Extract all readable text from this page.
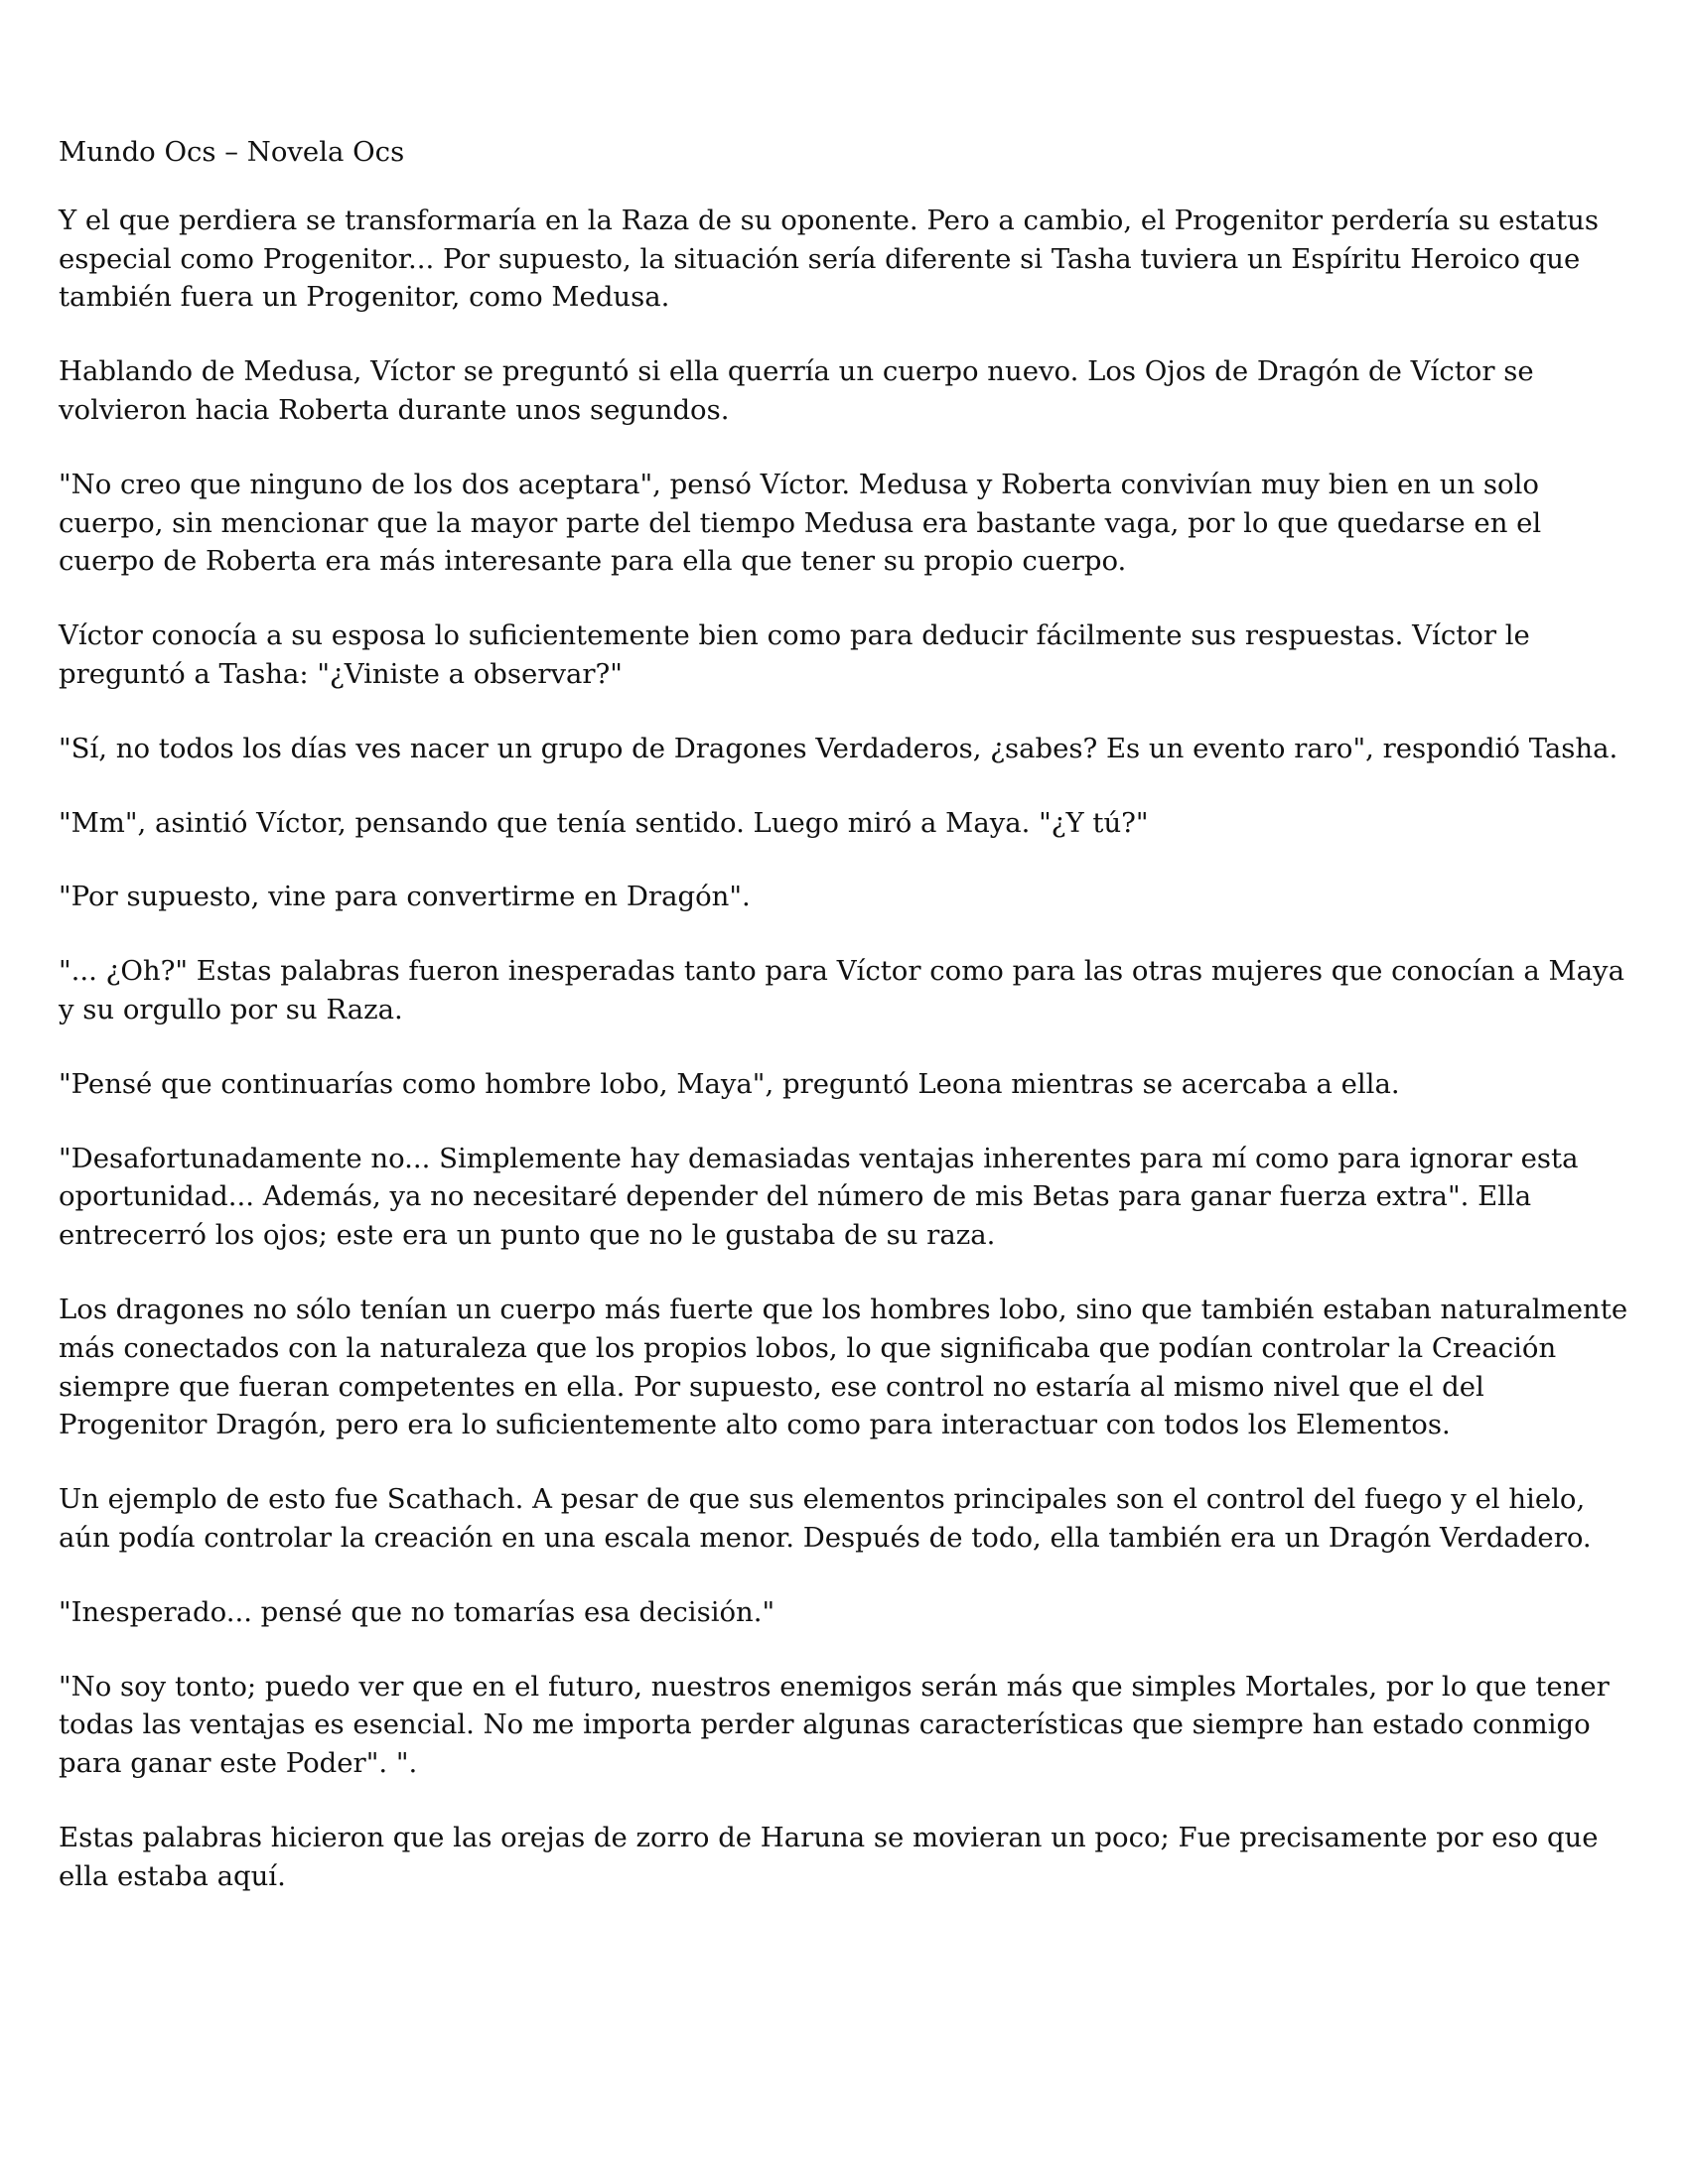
Mundo Ocs – Novela Ocs

Y el que perdiera se transformaría en la Raza de su oponente. Pero a cambio, el Progenitor perdería su estatus especial como Progenitor... Por supuesto, la situación sería diferente si Tasha tuviera un Espíritu Heroico que también fuera un Progenitor, como Medusa.

Hablando de Medusa, Víctor se preguntó si ella querría un cuerpo nuevo. Los Ojos de Dragón de Víctor se volvieron hacia Roberta durante unos segundos.

"No creo que ninguno de los dos aceptara", pensó Víctor. Medusa y Roberta convivían muy bien en un solo cuerpo, sin mencionar que la mayor parte del tiempo Medusa era bastante vaga, por lo que quedarse en el cuerpo de Roberta era más interesante para ella que tener su propio cuerpo.

Víctor conocía a su esposa lo suficientemente bien como para deducir fácilmente sus respuestas. Víctor le preguntó a Tasha: "¿Viniste a observar?"

"Sí, no todos los días ves nacer un grupo de Dragones Verdaderos, ¿sabes? Es un evento raro", respondió Tasha.

"Mm", asintió Víctor, pensando que tenía sentido. Luego miró a Maya. "¿Y tú?"

"Por supuesto, vine para convertirme en Dragón".

"... ¿Oh?" Estas palabras fueron inesperadas tanto para Víctor como para las otras mujeres que conocían a Maya y su orgullo por su Raza.

"Pensé que continuarías como hombre lobo, Maya", preguntó Leona mientras se acercaba a ella.

"Desafortunadamente no... Simplemente hay demasiadas ventajas inherentes para mí como para ignorar esta oportunidad... Además, ya no necesitaré depender del número de mis Betas para ganar fuerza extra". Ella entrecerró los ojos; este era un punto que no le gustaba de su raza.

Los dragones no sólo tenían un cuerpo más fuerte que los hombres lobo, sino que también estaban naturalmente más conectados con la naturaleza que los propios lobos, lo que significaba que podían controlar la Creación siempre que fueran competentes en ella. Por supuesto, ese control no estaría al mismo nivel que el del Progenitor Dragón, pero era lo suficientemente alto como para interactuar con todos los Elementos.

Un ejemplo de esto fue Scathach. A pesar de que sus elementos principales son el control del fuego y el hielo, aún podía controlar la creación en una escala menor. Después de todo, ella también era un Dragón Verdadero.

"Inesperado... pensé que no tomarías esa decisión."

"No soy tonto; puedo ver que en el futuro, nuestros enemigos serán más que simples Mortales, por lo que tener todas las ventajas es esencial. No me importa perder algunas características que siempre han estado conmigo para ganar este Poder". ".

Estas palabras hicieron que las orejas de zorro de Haruna se movieran un poco; Fue precisamente por eso que ella estaba aquí.
